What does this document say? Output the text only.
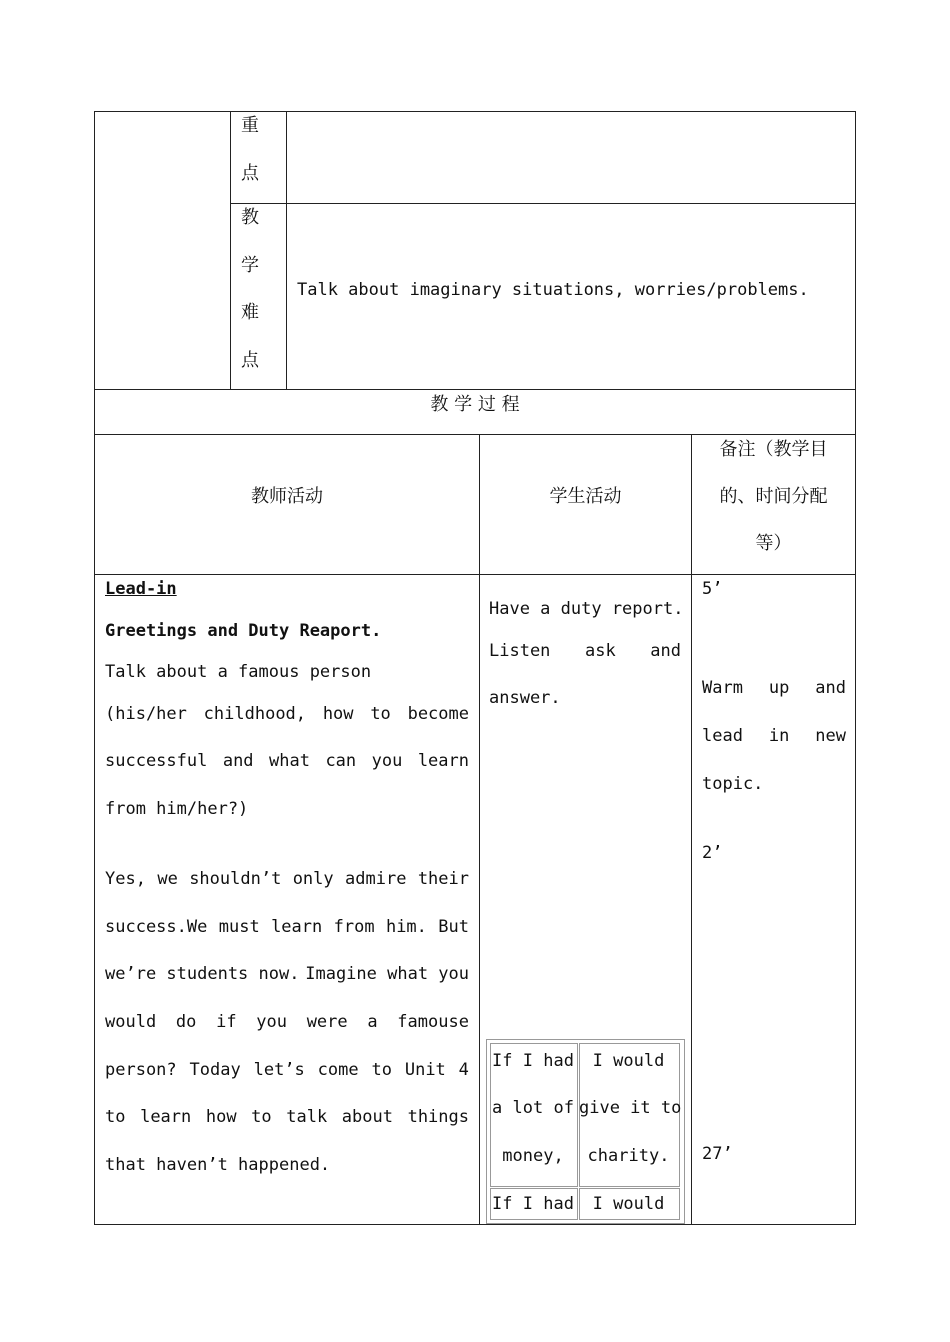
重
点
教
学
难
点
Talk about imaginary situations, worries/problems.
教 学 过 程
教师活动	学生活动
备注（教学目
的、时间分配
等）
Lead-in
Greetings and Duty Reaport.
Talk about a famous person
(his/her childhood, how to become
successful and what can you learn
from him/her?)
Yes, we shouldn’t only admire their
success.We must learn from him. But
we’re students now. Imagine what you
would do if you were a famouse
person? Today let’s come to Unit 4
to learn how to talk about things
that haven’t happened.
Have a duty report.
Listen ask and
answer.
If I had
a lot of
money,
I would
give it to
charity.
If I had	I would
5’
Warm up and
lead in new
topic.
2’
27’
